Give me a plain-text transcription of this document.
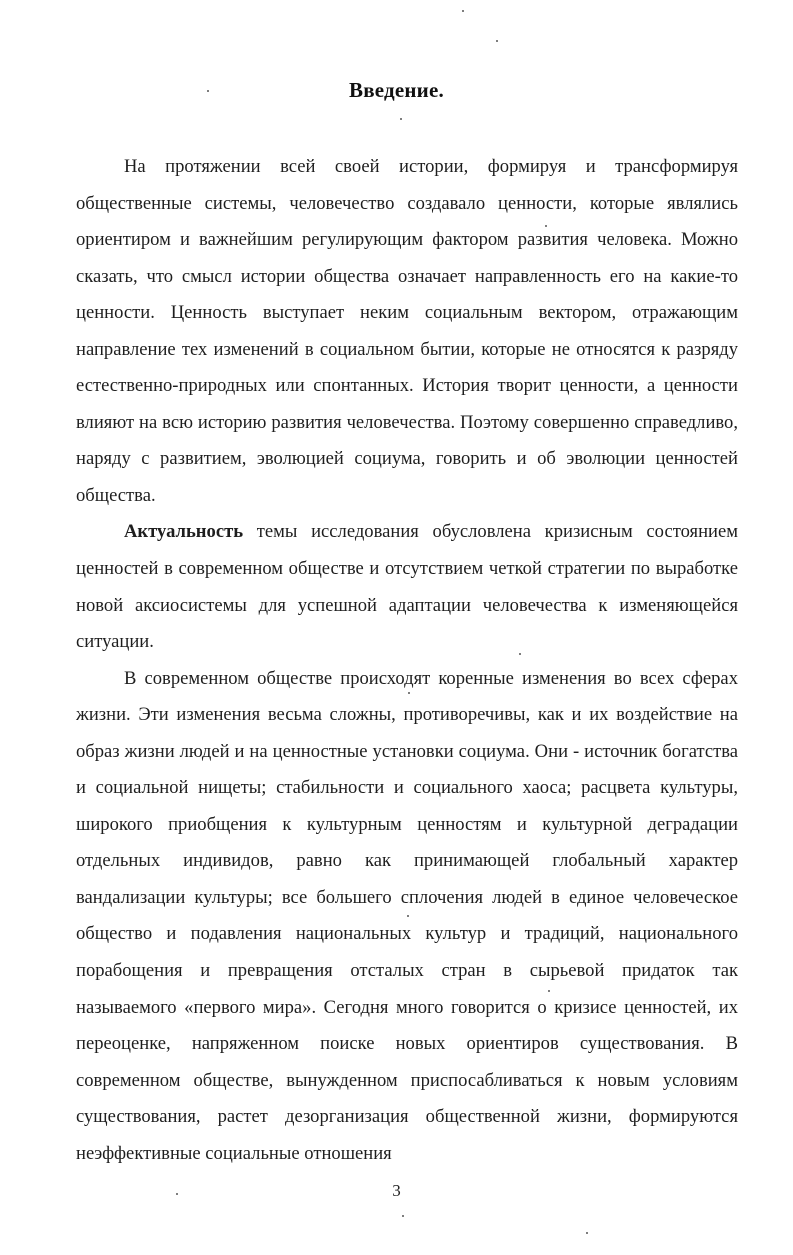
Введение.

На протяжении всей своей истории, формируя и трансформируя общественные системы, человечество создавало ценности, которые являлись ориентиром и важнейшим регулирующим фактором развития человека. Можно сказать, что смысл истории общества означает направленность его на какие-то ценности. Ценность выступает неким социальным вектором, отражающим направление тех изменений в социальном бытии, которые не относятся к разряду естественно-природных или спонтанных. История творит ценности, а ценности влияют на всю историю развития человечества. Поэтому совершенно справедливо, наряду с развитием, эволюцией социума, говорить и об эволюции ценностей общества.

Актуальность темы исследования обусловлена кризисным состоянием ценностей в современном обществе и отсутствием четкой стратегии по выработке новой аксиосистемы для успешной адаптации человечества к изменяющейся ситуации.

В современном обществе происходят коренные изменения во всех сферах жизни. Эти изменения весьма сложны, противоречивы, как и их воздействие на образ жизни людей и на ценностные установки социума. Они - источник богатства и социальной нищеты; стабильности и социального хаоса; расцвета культуры, широкого приобщения к культурным ценностям и культурной деградации отдельных индивидов, равно как принимающей глобальный характер вандализации культуры; все большего сплочения людей в единое человеческое общество и подавления национальных культур и традиций, национального порабощения и превращения отсталых стран в сырьевой придаток так называемого «первого мира». Сегодня много говорится о кризисе ценностей, их переоценке, напряженном поиске новых ориентиров существования. В современном обществе, вынужденном приспосабливаться к новым условиям существования, растет дезорганизация общественной жизни, формируются неэффективные социальные отношения

3
